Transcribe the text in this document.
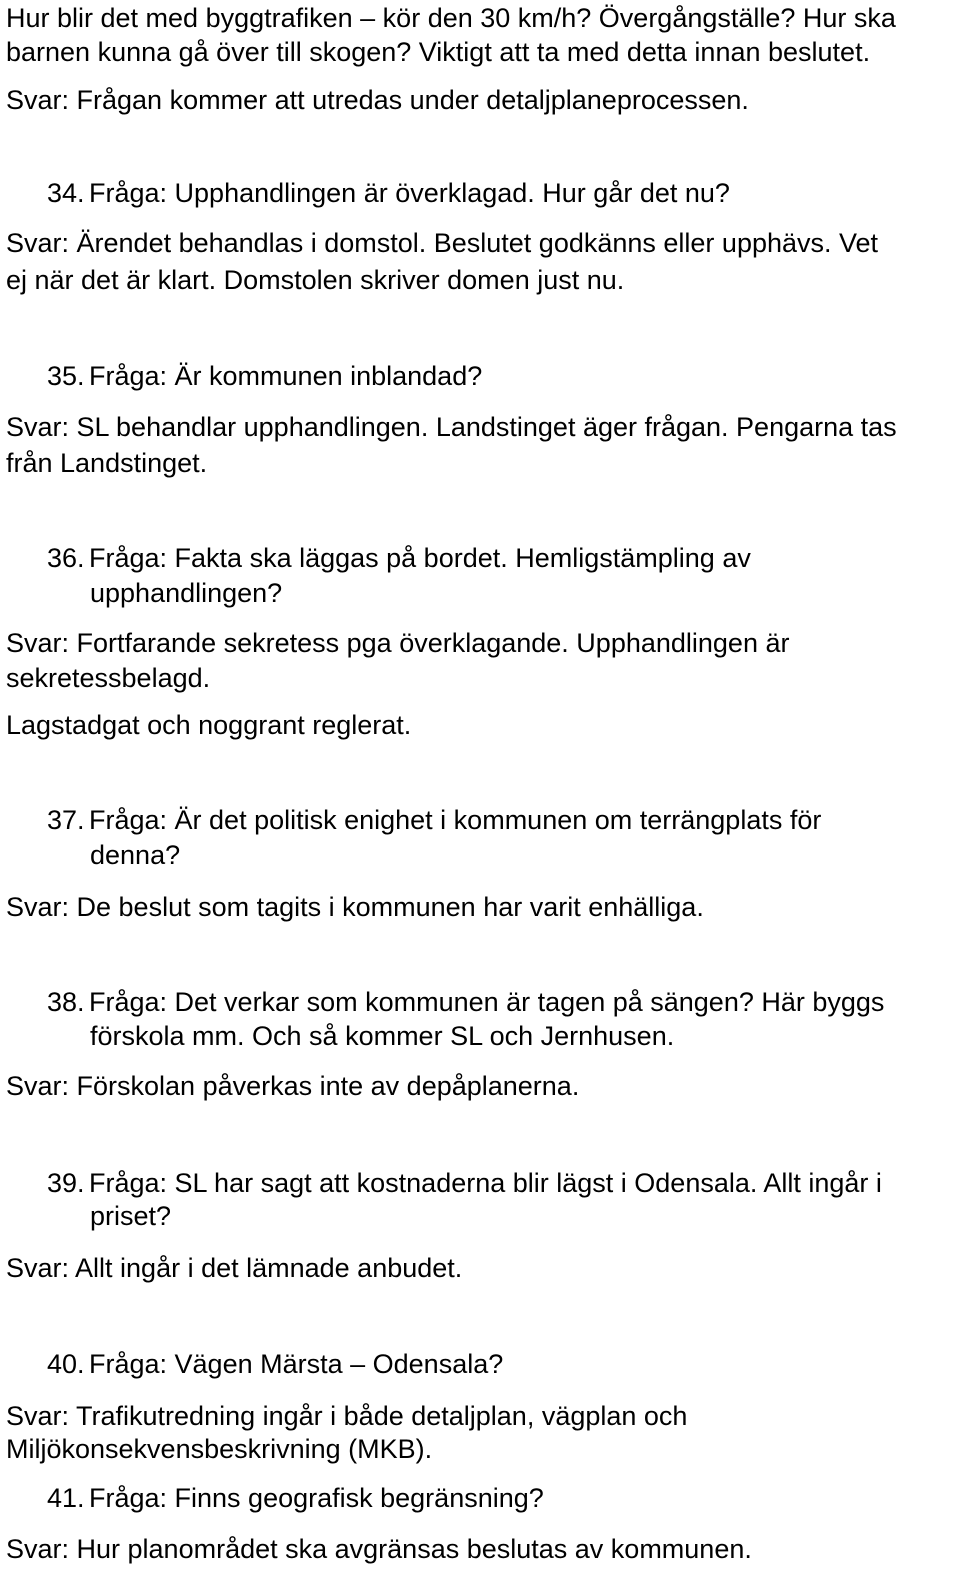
Hur blir det med byggtrafiken – kör den 30 km/h? Övergångställe? Hur ska
barnen kunna gå över till skogen? Viktigt att ta med detta innan beslutet.
Svar: Frågan kommer att utredas under detaljplaneprocessen.
34. Fråga: Upphandlingen är överklagad. Hur går det nu?
Svar: Ärendet behandlas i domstol. Beslutet godkänns eller upphävs. Vet
ej när det är klart. Domstolen skriver domen just nu.
35. Fråga: Är kommunen inblandad?
Svar: SL behandlar upphandlingen. Landstinget äger frågan. Pengarna tas
från Landstinget.
36. Fråga: Fakta ska läggas på bordet. Hemligstämpling av
upphandlingen?
Svar: Fortfarande sekretess pga överklagande. Upphandlingen är
sekretessbelagd.
Lagstadgat och noggrant reglerat.
37. Fråga: Är det politisk enighet i kommunen om terrängplats för
denna?
Svar: De beslut som tagits i kommunen har varit enhälliga.
38. Fråga: Det verkar som kommunen är tagen på sängen? Här byggs
förskola mm. Och så kommer SL och Jernhusen.
Svar: Förskolan påverkas inte av depåplanerna.
39. Fråga: SL har sagt att kostnaderna blir lägst i Odensala. Allt ingår i
priset?
Svar: Allt ingår i det lämnade anbudet.
40. Fråga: Vägen Märsta – Odensala?
Svar: Trafikutredning ingår i både detaljplan, vägplan och
Miljökonsekvensbeskrivning (MKB).
41. Fråga: Finns geografisk begränsning?
Svar: Hur planområdet ska avgränsas beslutas av kommunen.
